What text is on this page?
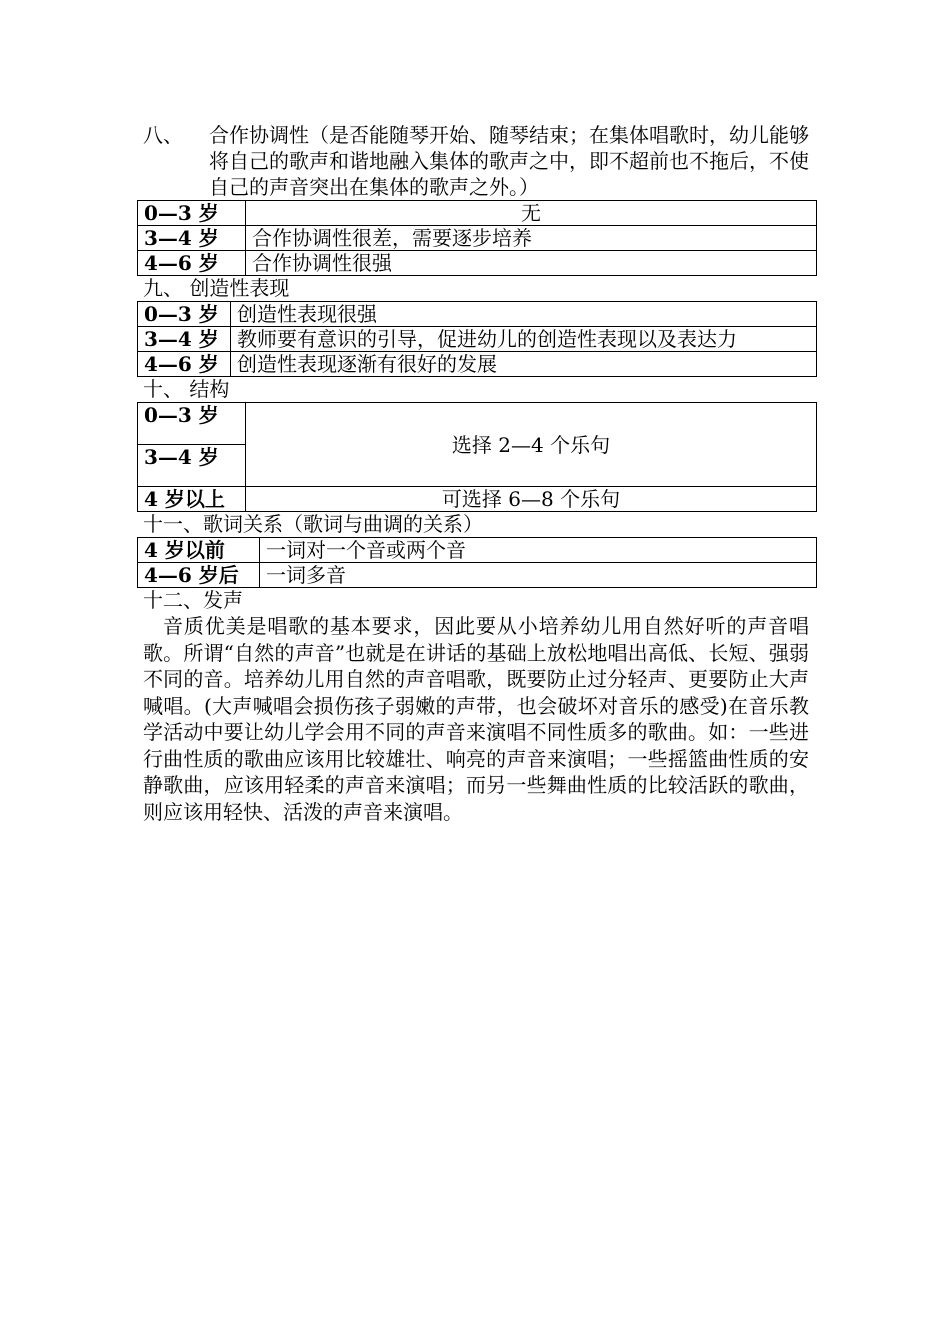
八、	合作协调性（是否能随琴开始、随琴结束；在集体唱歌时，幼儿能够将自己的歌声和谐地融入集体的歌声之中，即不超前也不拖后，不使自己的声音突出在集体的歌声之外。）
0—3 岁	无
3—4 岁	合作协调性很差，需要逐步培养
4—6 岁	合作协调性很强
九、 创造性表现
0—3 岁	创造性表现很强
3—4 岁	教师要有意识的引导，促进幼儿的创造性表现以及表达力
4—6 岁	创造性表现逐渐有很好的发展
十、 结构
0—3 岁	选择 2—4 个乐句
3—4 岁	
4 岁以上	可选择 6—8 个乐句
十一、歌词关系（歌词与曲调的关系）
4 岁以前	一词对一个音或两个音
4—6 岁后	一词多音
十二、发声
音质优美是唱歌的基本要求，因此要从小培养幼儿用自然好听的声音唱歌。所谓“自然的声音”也就是在讲话的基础上放松地唱出高低、长短、强弱不同的音。培养幼儿用自然的声音唱歌，既要防止过分轻声、更要防止大声喊唱。(大声喊唱会损伤孩子弱嫩的声带，也会破坏对音乐的感受)在音乐教学活动中要让幼儿学会用不同的声音来演唱不同性质多的歌曲。如：一些进行曲性质的歌曲应该用比较雄壮、响亮的声音来演唱；一些摇篮曲性质的安静歌曲，应该用轻柔的声音来演唱；而另一些舞曲性质的比较活跃的歌曲，则应该用轻快、活泼的声音来演唱。
